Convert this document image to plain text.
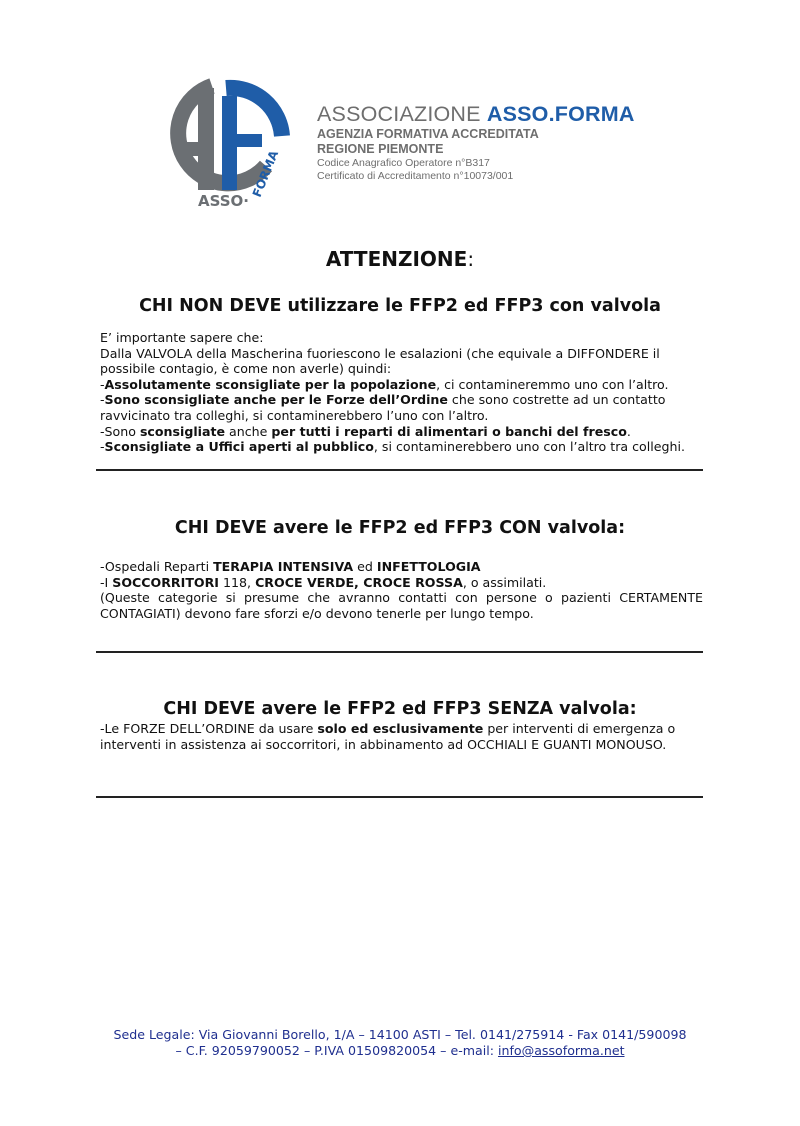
ASSO·
FORMA
ASSOCIAZIONE ASSO.FORMA
AGENZIA FORMATIVA ACCREDITATA
REGIONE PIEMONTE
Codice Anagrafico Operatore n°B317
Certificato di Accreditamento n°10073/001
ATTENZIONE:
CHI NON DEVE utilizzare le FFP2 ed FFP3 con valvola

E’ importante sapere che:

Dalla VALVOLA della Mascherina fuoriescono le esalazioni (che equivale a DIFFONDERE il possibile contagio, è come non averle) quindi:

-Assolutamente sconsigliate per la popolazione, ci contamineremmo uno con l’altro.

-Sono sconsigliate anche per le Forze dell’Ordine che sono costrette ad un contatto ravvicinato tra colleghi, si contaminerebbero l’uno con l’altro.

-Sono sconsigliate anche per tutti i reparti di alimentari o banchi del fresco.

-Sconsigliate a Uffici aperti al pubblico, si contaminerebbero uno con l’altro tra colleghi.

CHI DEVE avere le FFP2 ed FFP3 CON valvola:

-Ospedali Reparti TERAPIA INTENSIVA ed INFETTOLOGIA

-I SOCCORRITORI 118, CROCE VERDE, CROCE ROSSA, o assimilati.

(Queste categorie si presume che avranno contatti con persone o pazienti CERTAMENTE CONTAGIATI) devono fare sforzi e/o devono tenerle per lungo tempo.

CHI DEVE avere le FFP2 ed FFP3 SENZA valvola:

-Le FORZE DELL’ORDINE da usare solo ed esclusivamente per interventi di emergenza o interventi in assistenza ai soccorritori, in abbinamento ad OCCHIALI E GUANTI MONOUSO.

Sede Legale: Via Giovanni Borello, 1/A – 14100 ASTI – Tel. 0141/275914 - Fax 0141/590098
– C.F. 92059790052 – P.IVA 01509820054 – e-mail: info@assoforma.net
